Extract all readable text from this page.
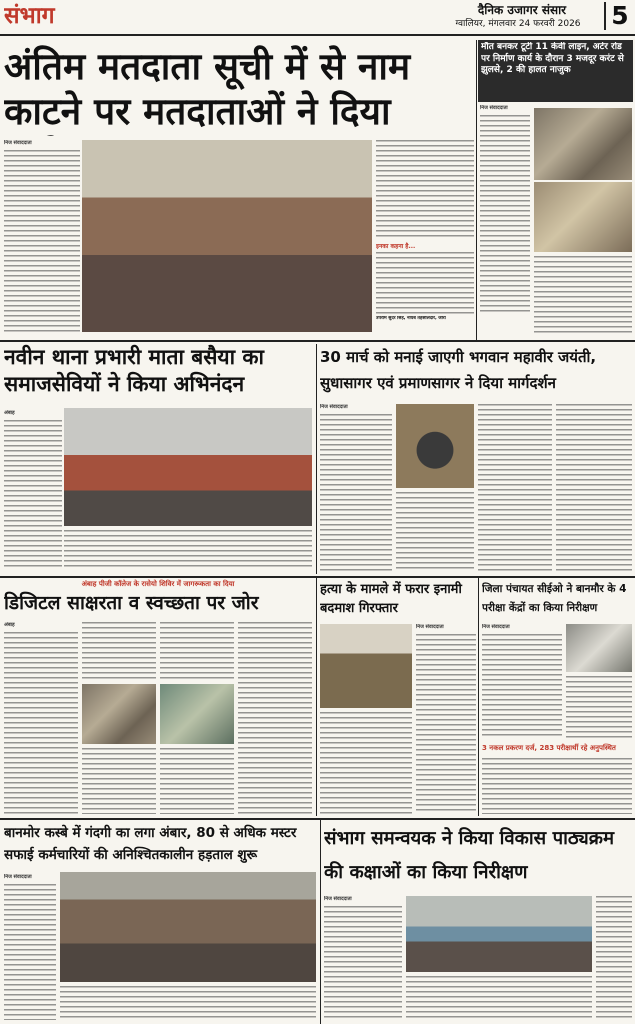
संभाग	दैनिक उजागर संसार
ग्वालियर, मंगलवार 24 फरवरी 2026	5
अंतिम मतदाता सूची में से नाम काटने पर मतदाताओं ने दिया
निज संवाददाता
इनका कहना है...
उपराम सुदर सिंह, नायब तहसीलदार, जौरा
मौत बनकर टूटी 11 केवी लाइन, अटेर रोड पर निर्माण कार्य के दौरान 3 मजदूर करंट से झुलसे, 2 की हालत नाजुक
निज संवाददाता
नवीन थाना प्रभारी माता बसैया का समाजसेवियों ने किया अभिनंदन
अंबाह
30 मार्च को मनाई जाएगी भगवान महावीर जयंती, सुधासागर एवं प्रमाणसागर ने दिया मार्गदर्शन
निज संवाददाता
अंबाह पीजी कॉलेज के रासेयो शिविर में जागरूकता का दिया
डिजिटल साक्षरता व स्वच्छता पर जोर
अंबाह
हत्या के मामले में फरार इनामी बदमाश गिरफ्तार
निज संवाददाता
जिला पंचायत सीईओ ने बानमौर के 4 परीक्षा केंद्रों का किया निरीक्षण
निज संवाददाता
3 नकल प्रकरण दर्ज, 283 परीक्षार्थी रहे अनुपस्थित
बानमोर कस्बे में गंदगी का लगा अंबार, 80 से अधिक मस्टर सफाई कर्मचारियों की अनिश्चितकालीन हड़ताल शुरू
निज संवाददाता
संभाग समन्वयक ने किया विकास पाठ्यक्रम की कक्षाओं का किया निरीक्षण
निज संवाददाता
